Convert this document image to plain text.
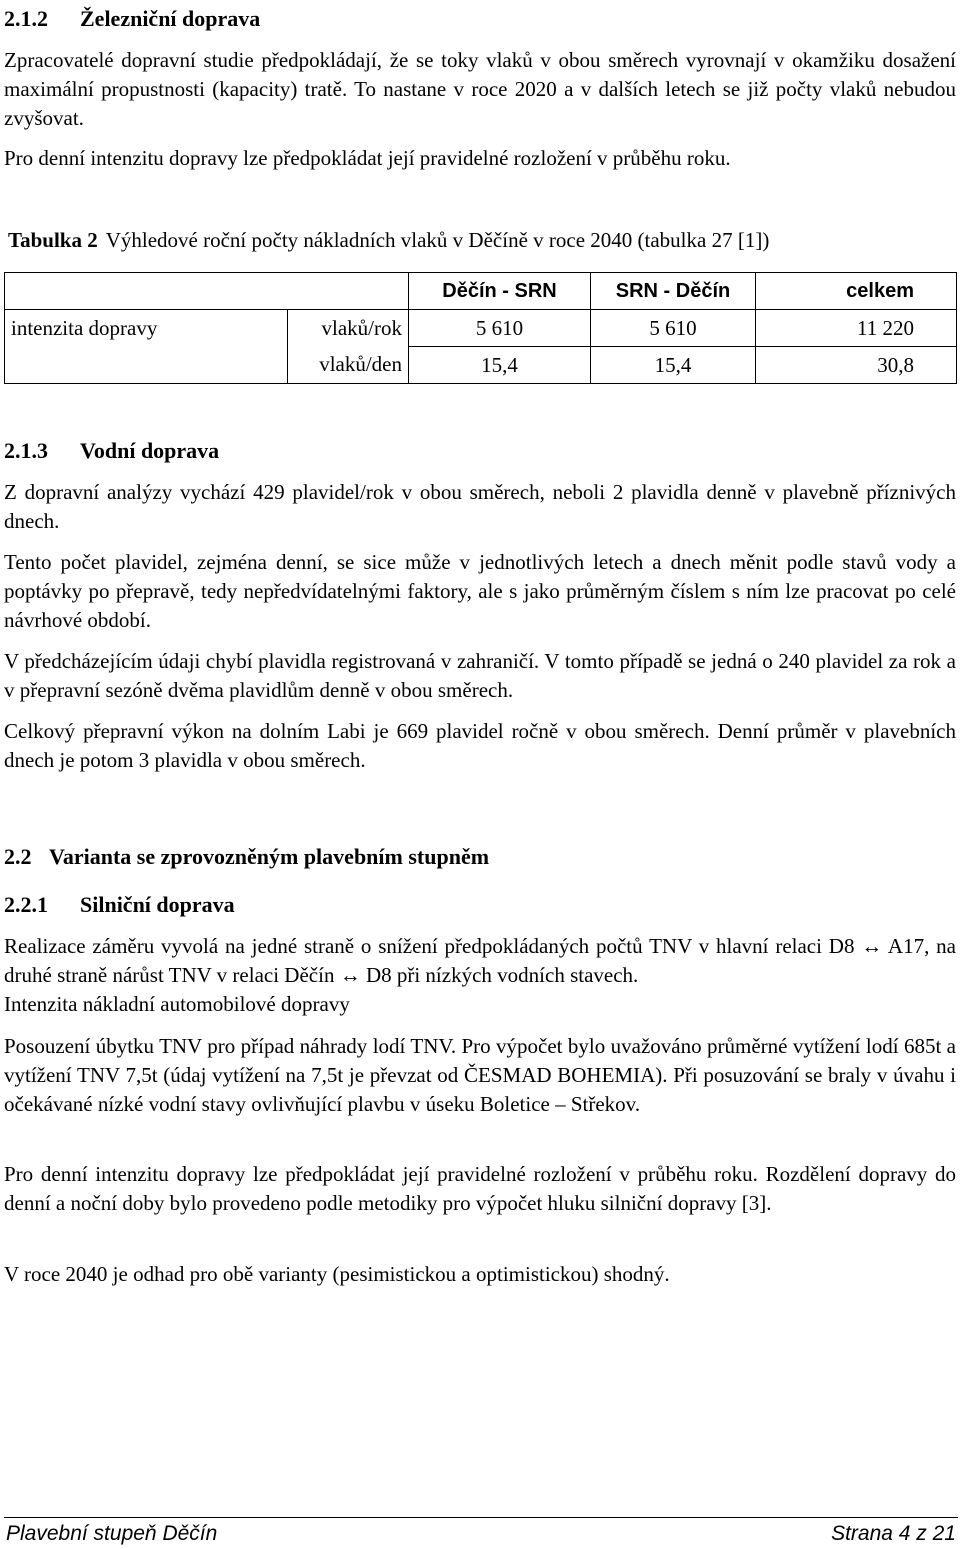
2.1.2 Železniční doprava

Zpracovatelé dopravní studie předpokládají, že se toky vlaků v obou směrech vyrovnají v okamžiku dosažení maximální propustnosti (kapacity) tratě. To nastane v roce 2020 a v dalších letech se již počty vlaků nebudou zvyšovat.

Pro denní intenzitu dopravy lze předpokládat její pravidelné rozložení v průběhu roku.

Tabulka 2 Výhledové roční počty nákladních vlaků v Děčíně v roce 2040 (tabulka 27 [1])

		Děčín - SRN	SRN - Děčín	celkem
intenzita dopravy	vlaků/rok	5 610	5 610	11 220
	vlaků/den	15,4	15,4	30,8
2.1.3 Vodní doprava

Z dopravní analýzy vychází 429 plavidel/rok v obou směrech, neboli 2 plavidla denně v plavebně příznivých dnech.

Tento počet plavidel, zejména denní, se sice může v jednotlivých letech a dnech měnit podle stavů vody a poptávky po přepravě, tedy nepředvídatelnými faktory, ale s jako průměrným číslem s ním lze pracovat po celé návrhové období.

V předcházejícím údaji chybí plavidla registrovaná v zahraničí. V tomto případě se jedná o 240 plavidel za rok a v přepravní sezóně dvěma plavidlům denně v obou směrech.

Celkový přepravní výkon na dolním Labi je 669 plavidel ročně v obou směrech. Denní průměr v plavebních dnech je potom 3 plavidla v obou směrech.

2.2 Varianta se zprovozněným plavebním stupněm
2.2.1 Silniční doprava

Realizace záměru vyvolá na jedné straně o snížení předpokládaných počtů TNV v hlavní relaci D8 ↔ A17, na druhé straně nárůst TNV v relaci Děčín ↔ D8 při nízkých vodních stavech.

Intenzita nákladní automobilové dopravy

Posouzení úbytku TNV pro případ náhrady lodí TNV. Pro výpočet bylo uvažováno průměrné vytížení lodí 685t a vytížení TNV 7,5t (údaj vytížení na 7,5t je převzat od ČESMAD BOHEMIA). Při posuzování se braly v úvahu i očekávané nízké vodní stavy ovlivňující plavbu v úseku Boletice – Střekov.

Pro denní intenzitu dopravy lze předpokládat její pravidelné rozložení v průběhu roku. Rozdělení dopravy do denní a noční doby bylo provedeno podle metodiky pro výpočet hluku silniční dopravy [3].

V roce 2040 je odhad pro obě varianty (pesimistickou a optimistickou) shodný.

Plavební stupeň Děčín	Strana 4 z 21
